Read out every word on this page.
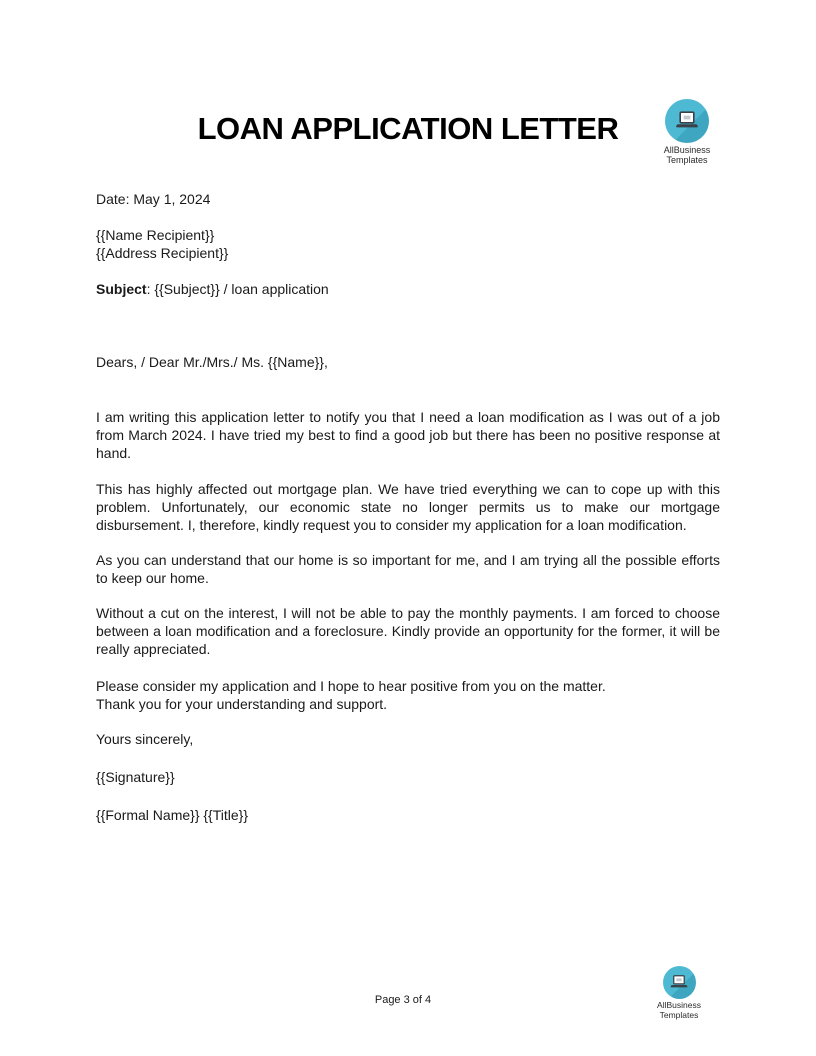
LOAN APPLICATION LETTER
AllBusiness
Templates

Date: May 1, 2024

{{Name Recipient}}
{{Address Recipient}}

Subject: {{Subject}} / loan application

Dears, / Dear Mr./Mrs./ Ms. {{Name}},

I am writing this application letter to notify you that I need a loan modification as I was out of a job from March 2024. I have tried my best to find a good job but there has been no positive response at hand.

This has highly affected out mortgage plan. We have tried everything we can to cope up with this problem. Unfortunately, our economic state no longer permits us to make our mortgage disbursement. I, therefore, kindly request you to consider my application for a loan modification.

As you can understand that our home is so important for me, and I am trying all the possible efforts to keep our home.

Without a cut on the interest, I will not be able to pay the monthly payments. I am forced to choose between a loan modification and a foreclosure. Kindly provide an opportunity for the former, it will be really appreciated.

Please consider my application and I hope to hear positive from you on the matter.
Thank you for your understanding and support.

Yours sincerely,

{{Signature}}

{{Formal Name}} {{Title}}

Page 3 of 4	AllBusiness
Templates
